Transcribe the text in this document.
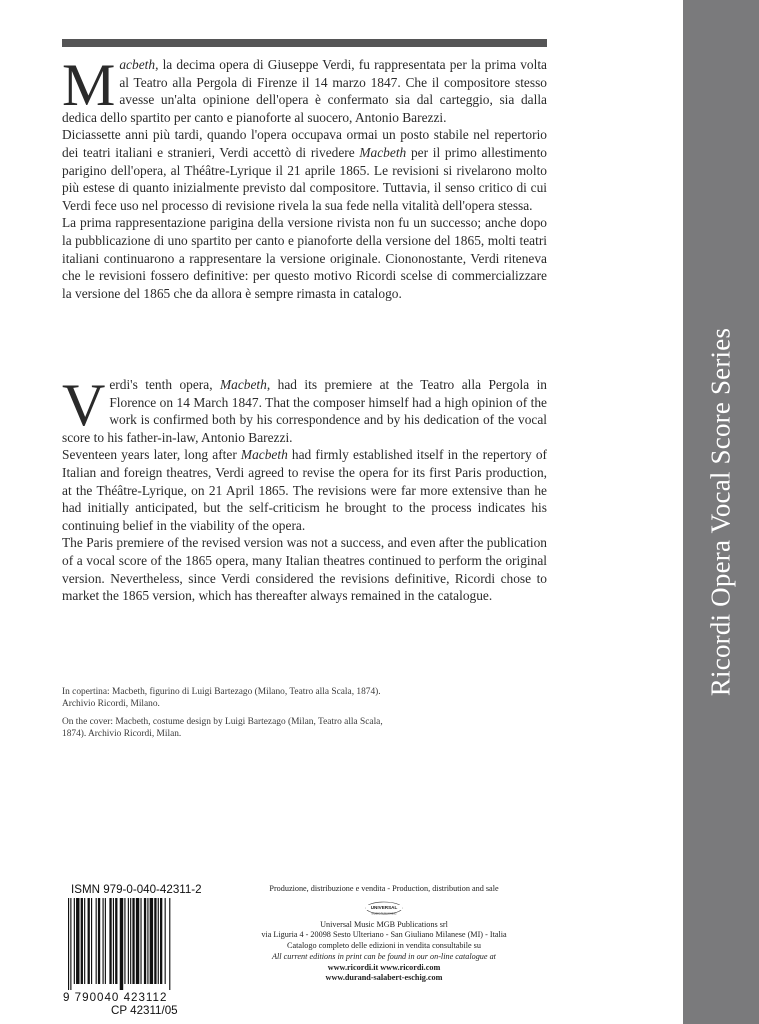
Ricordi Opera Vocal Score Series

Macbeth, la decima opera di Giuseppe Verdi, fu rappresentata per la prima volta al Teatro alla Pergola di Firenze il 14 marzo 1847. Che il compositore stesso avesse un'alta opinione dell'opera è confermato sia dal carteggio, sia dalla dedica dello spartito per canto e pianoforte al suocero, Antonio Barezzi.

Diciassette anni più tardi, quando l'opera occupava ormai un posto stabile nel repertorio dei teatri italiani e stranieri, Verdi accettò di rivedere Macbeth per il primo allestimento parigino dell'opera, al Théâtre-Lyrique il 21 aprile 1865. Le revisioni si rivelarono molto più estese di quanto inizialmente previsto dal compositore. Tuttavia, il senso critico di cui Verdi fece uso nel processo di revisione rivela la sua fede nella vitalità dell'opera stessa.

La prima rappresentazione parigina della versione rivista non fu un successo; anche dopo la pubblicazione di uno spartito per canto e pianoforte della versione del 1865, molti teatri italiani continuarono a rappresentare la versione originale. Ciononostante, Verdi riteneva che le revisioni fossero definitive: per questo motivo Ricordi scelse di commercializzare la versione del 1865 che da allora è sempre rimasta in catalogo.

Verdi's tenth opera, Macbeth, had its premiere at the Teatro alla Pergola in Florence on 14 March 1847. That the composer himself had a high opinion of the work is confirmed both by his correspondence and by his dedication of the vocal score to his father-in-law, Antonio Barezzi.

Seventeen years later, long after Macbeth had firmly established itself in the repertory of Italian and foreign theatres, Verdi agreed to revise the opera for its first Paris production, at the Théâtre-Lyrique, on 21 April 1865. The revisions were far more extensive than he had initially anticipated, but the self-criticism he brought to the process indicates his continuing belief in the viability of the opera.

The Paris premiere of the revised version was not a success, and even after the publication of a vocal score of the 1865 opera, many Italian theatres continued to perform the original version. Nevertheless, since Verdi considered the revisions definitive, Ricordi chose to market the 1865 version, which has thereafter always remained in the catalogue.

In copertina: Macbeth, figurino di Luigi Bartezago (Milano, Teatro alla Scala, 1874). Archivio Ricordi, Milano.

On the cover: Macbeth, costume design by Luigi Bartezago (Milan, Teatro alla Scala, 1874). Archivio Ricordi, Milan.

ISMN 979-0-040-42311-2
9 790040 423112
CP 42311/05
Produzione, distribuzione e vendita - Production, distribution and sale
UNIVERSAL
MUSIC PUBLISHING
Universal Music MGB Publications srl
via Liguria 4 - 20098 Sesto Ulteriano - San Giuliano Milanese (MI) - Italia
Catalogo completo delle edizioni in vendita consultabile su
All current editions in print can be found in our on-line catalogue at
www.ricordi.it www.ricordi.com
www.durand-salabert-eschig.com
